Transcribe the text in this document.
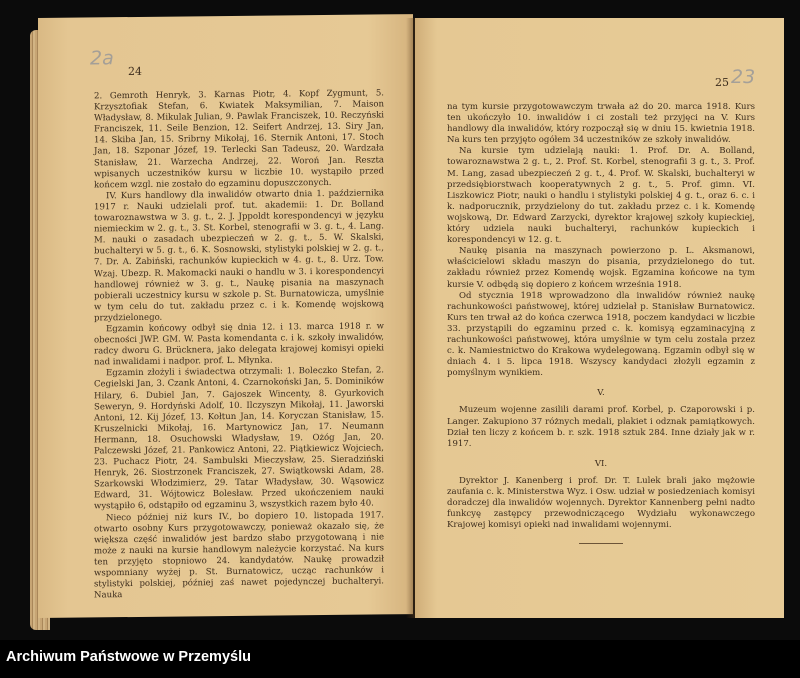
2a
24

2. Gemroth Henryk, 3. Karnas Piotr, 4. Kopf Zygmunt, 5. Krzysztofiak Stefan, 6. Kwiatek Maksymilian, 7. Maison Władysław, 8. Mikulak Julian, 9. Pawlak Franciszek, 10. Reczyński Franciszek, 11. Seile Benzion, 12. Seifert Andrzej, 13. Siry Jan, 14. Skiba Jan, 15. Sribrny Mikołaj, 16. Sternik Antoni, 17. Stoch Jan, 18. Szponar Józef, 19. Terlecki San Tadeusz, 20. Wardzała Stanisław, 21. Warzecha Andrzej, 22. Woroń Jan. Reszta wpisanych uczestników kursu w liczbie 10. wystąpiło przed końcem wzgl. nie zostało do egzaminu dopuszczonych.

IV. Kurs handlowy dla inwalidów otwarto dnia 1. października 1917 r. Nauki udzielali prof. tut. akademii: 1. Dr. Bolland towaroznawstwa w 3. g. t., 2. J. Jppoldt korespondencyi w języku niemieckim w 2. g. t., 3. St. Korbel, stenografii w 3. g. t., 4. Lang. M. nauki o zasadach ubezpieczeń w 2. g. t., 5. W. Skalski, buchalteryi w 5. g. t., 6. K. Sosnowski, stylistyki polskiej w 2. g. t., 7. Dr. A. Zabiński, rachunków kupieckich w 4. g. t., 8. Urz. Tow. Wzaj. Ubezp. R. Makomacki nauki o handlu w 3. i korespondencyi handlowej również w 3. g. t., Naukę pisania na maszynach pobierali uczestnicy kursu w szkole p. St. Burnatowicza, umyślnie w tym celu do tut. zakładu przez c. i k. Komendę wojskową przydzielonego.

Egzamin końcowy odbył się dnia 12. i 13. marca 1918 r. w obecności JWP. GM. W. Pasta komendanta c. i k. szkoły inwalidów, radcy dworu G. Brücknera, jako delegata krajowej komisyi opieki nad inwalidami i nadpor. prof. L. Młynka.

Egzamin złożyli i świadectwa otrzymali: 1. Boleczko Stefan, 2. Cegielski Jan, 3. Czank Antoni, 4. Czarnokoński Jan, 5. Dominików Hilary, 6. Dubiel Jan, 7. Gajoszek Wincenty, 8. Gyurkovich Seweryn, 9. Hordyński Adolf, 10. Ilczyszyn Mikołaj, 11. Jaworski Antoni, 12. Kij Józef, 13. Kołtun Jan, 14. Koryczan Stanisław, 15. Kruszelnicki Mikołaj, 16. Martynowicz Jan, 17. Neumann Hermann, 18. Osuchowski Władysław, 19. Ożóg Jan, 20. Palczewski Józef, 21. Pankowicz Antoni, 22. Piątkiewicz Wojciech, 23. Puchacz Piotr, 24. Sambulski Mieczysław, 25. Sieradziński Henryk, 26. Siostrzonek Franciszek, 27. Swiątkowski Adam, 28. Szarkowski Włodzimierz, 29. Tatar Władysław, 30. Wąsowicz Edward, 31. Wójtowicz Bolesław. Przed ukończeniem nauki wystąpiło 6, odstąpiło od egzaminu 3, wszystkich razem było 40.

Nieco później niż kurs IV., bo dopiero 10. listopada 1917. otwarto osobny Kurs przygotowawczy, ponieważ okazało się, że większa część inwalidów jest bardzo słabo przygotowaną i nie może z nauki na kursie handlowym należycie korzystać. Na kurs ten przyjęto stopniowo 24. kandydatów. Naukę prowadził wspomniany wyżej p. St. Burnatowicz, ucząc rachunków i stylistyki polskiej, później zaś nawet pojedynczej buchalteryi. Nauka

23
25

na tym kursie przygotowawczym trwała aż do 20. marca 1918. Kurs ten ukończyło 10. inwalidów i ci zostali też przyjęci na V. Kurs handlowy dla inwalidów, który rozpoczął się w dniu 15. kwietnia 1918. Na kurs ten przyjęto ogółem 34 uczestników ze szkoły inwalidów.

Na kursie tym udzielają nauki: 1. Prof. Dr. A. Bolland, towaroznawstwa 2 g. t., 2. Prof. St. Korbel, stenografii 3 g. t., 3. Prof. M. Lang, zasad ubezpieczeń 2 g. t., 4. Prof. W. Skalski, buchalteryi w przedsiębiorstwach kooperatywnych 2 g. t., 5. Prof. gimn. VI. Liszkowicz Piotr, nauki o handlu i stylistyki polskiej 4 g. t., oraz 6. c. i k. nadporucznik, przydzielony do tut. zakładu przez c. i k. Komendę wojskową, Dr. Edward Zarzycki, dyrektor krajowej szkoły kupieckiej, który udziela nauki buchalteryi, rachunków kupieckich i korespondencyi w 12. g. t.

Naukę pisania na maszynach powierzono p. L. Aksmanowi, właścicielowi składu maszyn do pisania, przydzielonego do tut. zakładu również przez Komendę wojsk. Egzamina końcowe na tym kursie V. odbędą się dopiero z końcem września 1918.

Od stycznia 1918 wprowadzono dla inwalidów również naukę rachunkowości państwowej, której udzielał p. Stanisław Burnatowicz. Kurs ten trwał aż do końca czerwca 1918, poczem kandydaci w liczbie 33. przystąpili do egzaminu przed c. k. komisyą egzaminacyjną z rachunkowości państwowej, która umyślnie w tym celu zostala przez c. k. Namiestnictwo do Krakowa wydelegowaną. Egzamin odbył się w dniach 4. i 5. lipca 1918. Wszyscy kandydaci złożyli egzamin z pomyślnym wynikiem.

V.

Muzeum wojenne zasilili darami prof. Korbel, p. Czaporowski i p. Langer. Zakupiono 37 różnych medali, plakiet i odznak pamiątkowych. Dział ten liczy z końcem b. r. szk. 1918 sztuk 284. Inne działy jak w r. 1917.

VI.

Dyrektor J. Kanenberg i prof. Dr. T. Lulek brali jako mężowie zaufania c. k. Ministerstwa Wyz. i Osw. udział w posiedzeniach komisyi doradczej dla inwalidów wojennych. Dyrektor Kannenberg pełni nadto funkcyę zastępcy przewodniczącego Wydziału wykonawczego Krajowej komisyi opieki nad inwalidami wojennymi.

Archiwum Państwowe w Przemyślu
